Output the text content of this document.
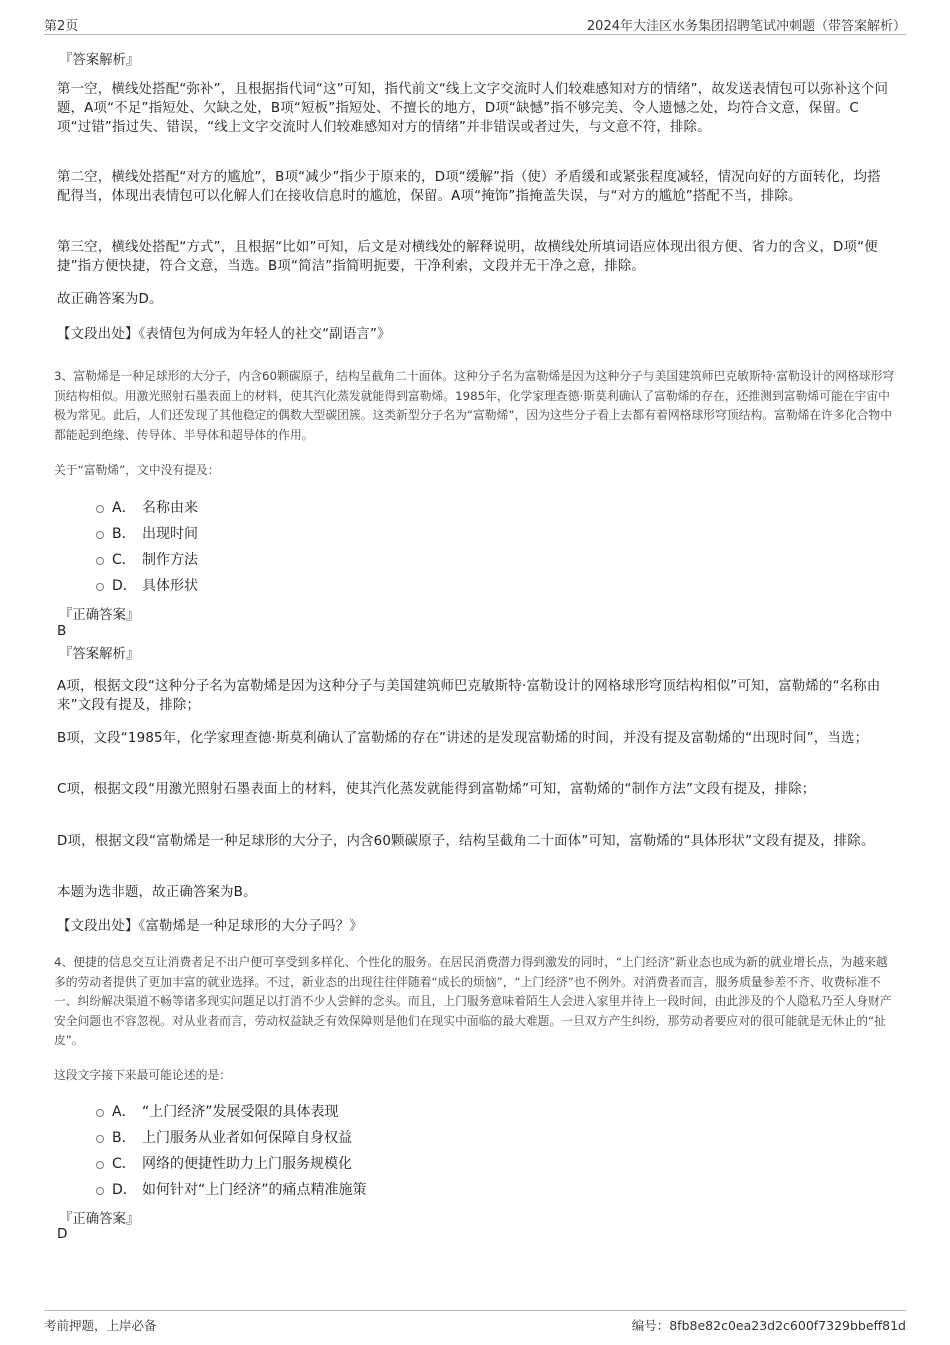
第2页	2024年大洼区水务集团招聘笔试冲刺题（带答案解析）
『答案解析』
第一空，横线处搭配“弥补”，且根据指代词“这”可知，指代前文“线上文字交流时人们较难感知对方的情绪”，故发送表情包可以弥补这个问题，A项“不足”指短处、欠缺之处，B项“短板”指短处、不擅长的地方，D项“缺憾”指不够完美、令人遗憾之处，均符合文意，保留。C项“过错”指过失、错误，“线上文字交流时人们较难感知对方的情绪”并非错误或者过失，与文意不符，排除。
第二空，横线处搭配“对方的尴尬”，B项“减少”指少于原来的，D项“缓解”指（使）矛盾缓和或紧张程度减轻，情况向好的方面转化，均搭配得当，体现出表情包可以化解人们在接收信息时的尴尬，保留。A项“掩饰”指掩盖失误，与“对方的尴尬”搭配不当，排除。
第三空，横线处搭配“方式”，且根据“比如”可知，后文是对横线处的解释说明，故横线处所填词语应体现出很方便、省力的含义，D项“便捷”指方便快捷，符合文意，当选。B项“简洁”指简明扼要，干净利索，文段并无干净之意，排除。
故正确答案为D。
【文段出处】《表情包为何成为年轻人的社交“副语言”》
3、富勒烯是一种足球形的大分子，内含60颗碳原子，结构呈截角二十面体。这种分子名为富勒烯是因为这种分子与美国建筑师巴克敏斯特·富勒设计的网格球形穹顶结构相似。用激光照射石墨表面上的材料，使其汽化蒸发就能得到富勒烯。1985年，化学家理查德·斯莫利确认了富勒烯的存在，还推测到富勒烯可能在宇宙中极为常见。此后，人们还发现了其他稳定的偶数大型碳团簇。这类新型分子名为“富勒烯”，因为这些分子看上去都有着网格球形穹顶结构。富勒烯在许多化合物中都能起到绝缘、传导体、半导体和超导体的作用。
关于“富勒烯”，文中没有提及：
A． 名称由来
B． 出现时间
C． 制作方法
D． 具体形状
『正确答案』
B
『答案解析』
A项，根据文段“这种分子名为富勒烯是因为这种分子与美国建筑师巴克敏斯特·富勒设计的网格球形穹顶结构相似”可知，富勒烯的“名称由来”文段有提及，排除；
B项，文段“1985年，化学家理查德·斯莫利确认了富勒烯的存在”讲述的是发现富勒烯的时间，并没有提及富勒烯的“出现时间”，当选；
C项，根据文段“用激光照射石墨表面上的材料，使其汽化蒸发就能得到富勒烯”可知，富勒烯的“制作方法”文段有提及，排除；
D项，根据文段“富勒烯是一种足球形的大分子，内含60颗碳原子，结构呈截角二十面体”可知，富勒烯的“具体形状”文段有提及，排除。
本题为选非题，故正确答案为B。
【文段出处】《富勒烯是一种足球形的大分子吗？》
4、便捷的信息交互让消费者足不出户便可享受到多样化、个性化的服务。在居民消费潜力得到激发的同时，“上门经济”新业态也成为新的就业增长点，为越来越多的劳动者提供了更加丰富的就业选择。不过，新业态的出现往往伴随着“成长的烦恼”，“上门经济”也不例外。对消费者而言，服务质量参差不齐、收费标准不一、纠纷解决渠道不畅等诸多现实问题足以打消不少人尝鲜的念头。而且，上门服务意味着陌生人会进入家里并待上一段时间，由此涉及的个人隐私乃至人身财产安全问题也不容忽视。对从业者而言，劳动权益缺乏有效保障则是他们在现实中面临的最大难题。一旦双方产生纠纷，那劳动者要应对的很可能就是无休止的“扯皮”。
这段文字接下来最可能论述的是：
A． “上门经济”发展受限的具体表现
B． 上门服务从业者如何保障自身权益
C． 网络的便捷性助力上门服务规模化
D． 如何针对“上门经济”的痛点精准施策
『正确答案』
D
考前押题，上岸必备	编号：8fb8e82c0ea23d2c600f7329bbeff81d
